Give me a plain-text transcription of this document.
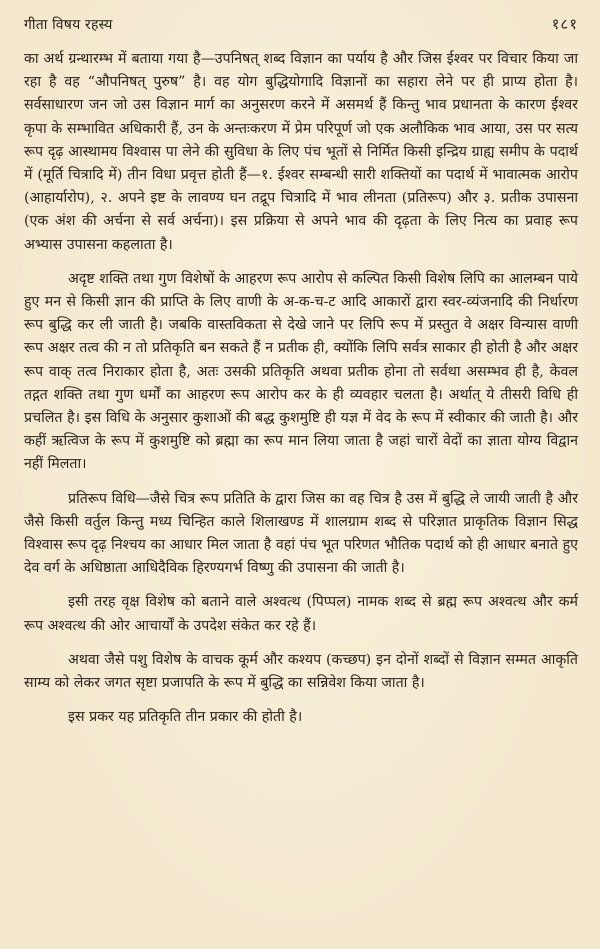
गीता विषय रहस्य	१८१

का अर्थ ग्रन्थारम्भ में बताया गया है—उपनिषत् शब्द विज्ञान का पर्याय है और जिस ईश्वर पर विचार किया जा रहा है वह “औपनिषत् पुरुष” है। वह योग बुद्धियोगादि विज्ञानों का सहारा लेने पर ही प्राप्य होता है। सर्वसाधारण जन जो उस विज्ञान मार्ग का अनुसरण करने में असमर्थ हैं किन्तु भाव प्रधानता के कारण ईश्वर कृपा के सम्भावित अधिकारी हैं, उन के अन्तःकरण में प्रेम परिपूर्ण जो एक अलौकिक भाव आया, उस पर सत्य रूप दृढ़ आस्थामय विश्वास पा लेने की सुविधा के लिए पंच भूतों से निर्मित किसी इन्द्रिय ग्राह्य समीप के पदार्थ में (मूर्ति चित्रादि में) तीन विधा प्रवृत्त होती हैं—१. ईश्वर सम्बन्धी सारी शक्तियों का पदार्थ में भावात्मक आरोप (आहार्यारोप), २. अपने इष्ट के लावण्य घन तद्रूप चित्रादि में भाव लीनता (प्रतिरूप) और ३. प्रतीक उपासना (एक अंश की अर्चना से सर्व अर्चना)। इस प्रक्रिया से अपने भाव की दृढ़ता के लिए नित्य का प्रवाह रूप अभ्यास उपासना कहलाता है।

अदृष्ट शक्ति तथा गुण विशेषों के आहरण रूप आरोप से कल्पित किसी विशेष लिपि का आलम्बन पाये हुए मन से किसी ज्ञान की प्राप्ति के लिए वाणी के अ-क-च-ट आदि आकारों द्वारा स्वर-व्यंजनादि की निर्धारण रूप बुद्धि कर ली जाती है। जबकि वास्तविकता से देखे जाने पर लिपि रूप में प्रस्तुत वे अक्षर विन्यास वाणी रूप अक्षर तत्व की न तो प्रतिकृति बन सकते हैं न प्रतीक ही, क्योंकि लिपि सर्वत्र साकार ही होती है और अक्षर रूप वाक् तत्व निराकार होता है, अतः उसकी प्रतिकृति अथवा प्रतीक होना तो सर्वथा असम्भव ही है, केवल तद्गत शक्ति तथा गुण धर्मों का आहरण रूप आरोप कर के ही व्यवहार चलता है। अर्थात् ये तीसरी विधि ही प्रचलित है। इस विधि के अनुसार कुशाओं की बद्ध कुशमुष्टि ही यज्ञ में वेद के रूप में स्वीकार की जाती है। और कहीं ऋत्विज के रूप में कुशमुष्टि को ब्रह्मा का रूप मान लिया जाता है जहां चारों वेदों का ज्ञाता योग्य विद्वान नहीं मिलता।

प्रतिरूप विधि—जैसे चित्र रूप प्रतिति के द्वारा जिस का वह चित्र है उस में बुद्धि ले जायी जाती है और जैसे किसी वर्तुल किन्तु मध्य चिन्हित काले शिलाखण्ड में शालग्राम शब्द से परिज्ञात प्राकृतिक विज्ञान सिद्ध विश्वास रूप दृढ़ निश्चय का आधार मिल जाता है वहां पंच भूत परिणत भौतिक पदार्थ को ही आधार बनाते हुए देव वर्ग के अधिष्ठाता आधिदैविक हिरण्यगर्भ विष्णु की उपासना की जाती है।

इसी तरह वृक्ष विशेष को बताने वाले अश्वत्थ (पिप्पल) नामक शब्द से ब्रह्म रूप अश्वत्थ और कर्म रूप अश्वत्थ की ओर आचार्यों के उपदेश संकेत कर रहे हैं।

अथवा जैसे पशु विशेष के वाचक कूर्म और कश्यप (कच्छप) इन दोनों शब्दों से विज्ञान सम्मत आकृति साम्य को लेकर जगत सृष्टा प्रजापति के रूप में बुद्धि का सन्निवेश किया जाता है।

इस प्रकर यह प्रतिकृति तीन प्रकार की होती है।
